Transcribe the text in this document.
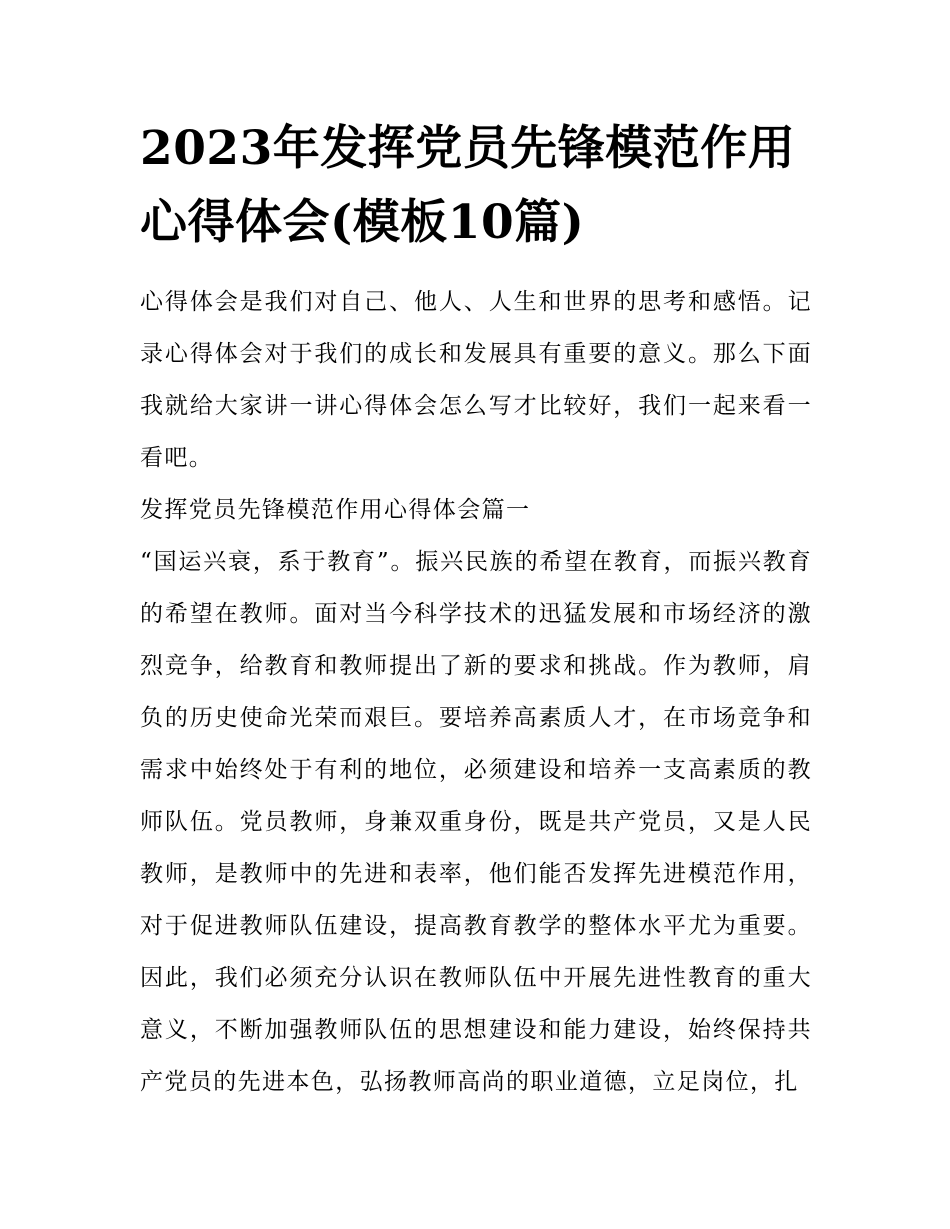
2023年发挥党员先锋模范作用心得体会(模板10篇)

心得体会是我们对自己、他人、人生和世界的思考和感悟。记录心得体会对于我们的成长和发展具有重要的意义。那么下面我就给大家讲一讲心得体会怎么写才比较好，我们一起来看一看吧。

发挥党员先锋模范作用心得体会篇一

“国运兴衰，系于教育”。振兴民族的希望在教育，而振兴教育的希望在教师。面对当今科学技术的迅猛发展和市场经济的激烈竞争，给教育和教师提出了新的要求和挑战。作为教师，肩负的历史使命光荣而艰巨。要培养高素质人才，在市场竞争和需求中始终处于有利的地位，必须建设和培养一支高素质的教师队伍。党员教师，身兼双重身份，既是共产党员，又是人民教师，是教师中的先进和表率，他们能否发挥先进模范作用，对于促进教师队伍建设，提高教育教学的整体水平尤为重要。因此，我们必须充分认识在教师队伍中开展先进性教育的重大意义，不断加强教师队伍的思想建设和能力建设，始终保持共产党员的先进本色，弘扬教师高尚的职业道德，立足岗位，扎
